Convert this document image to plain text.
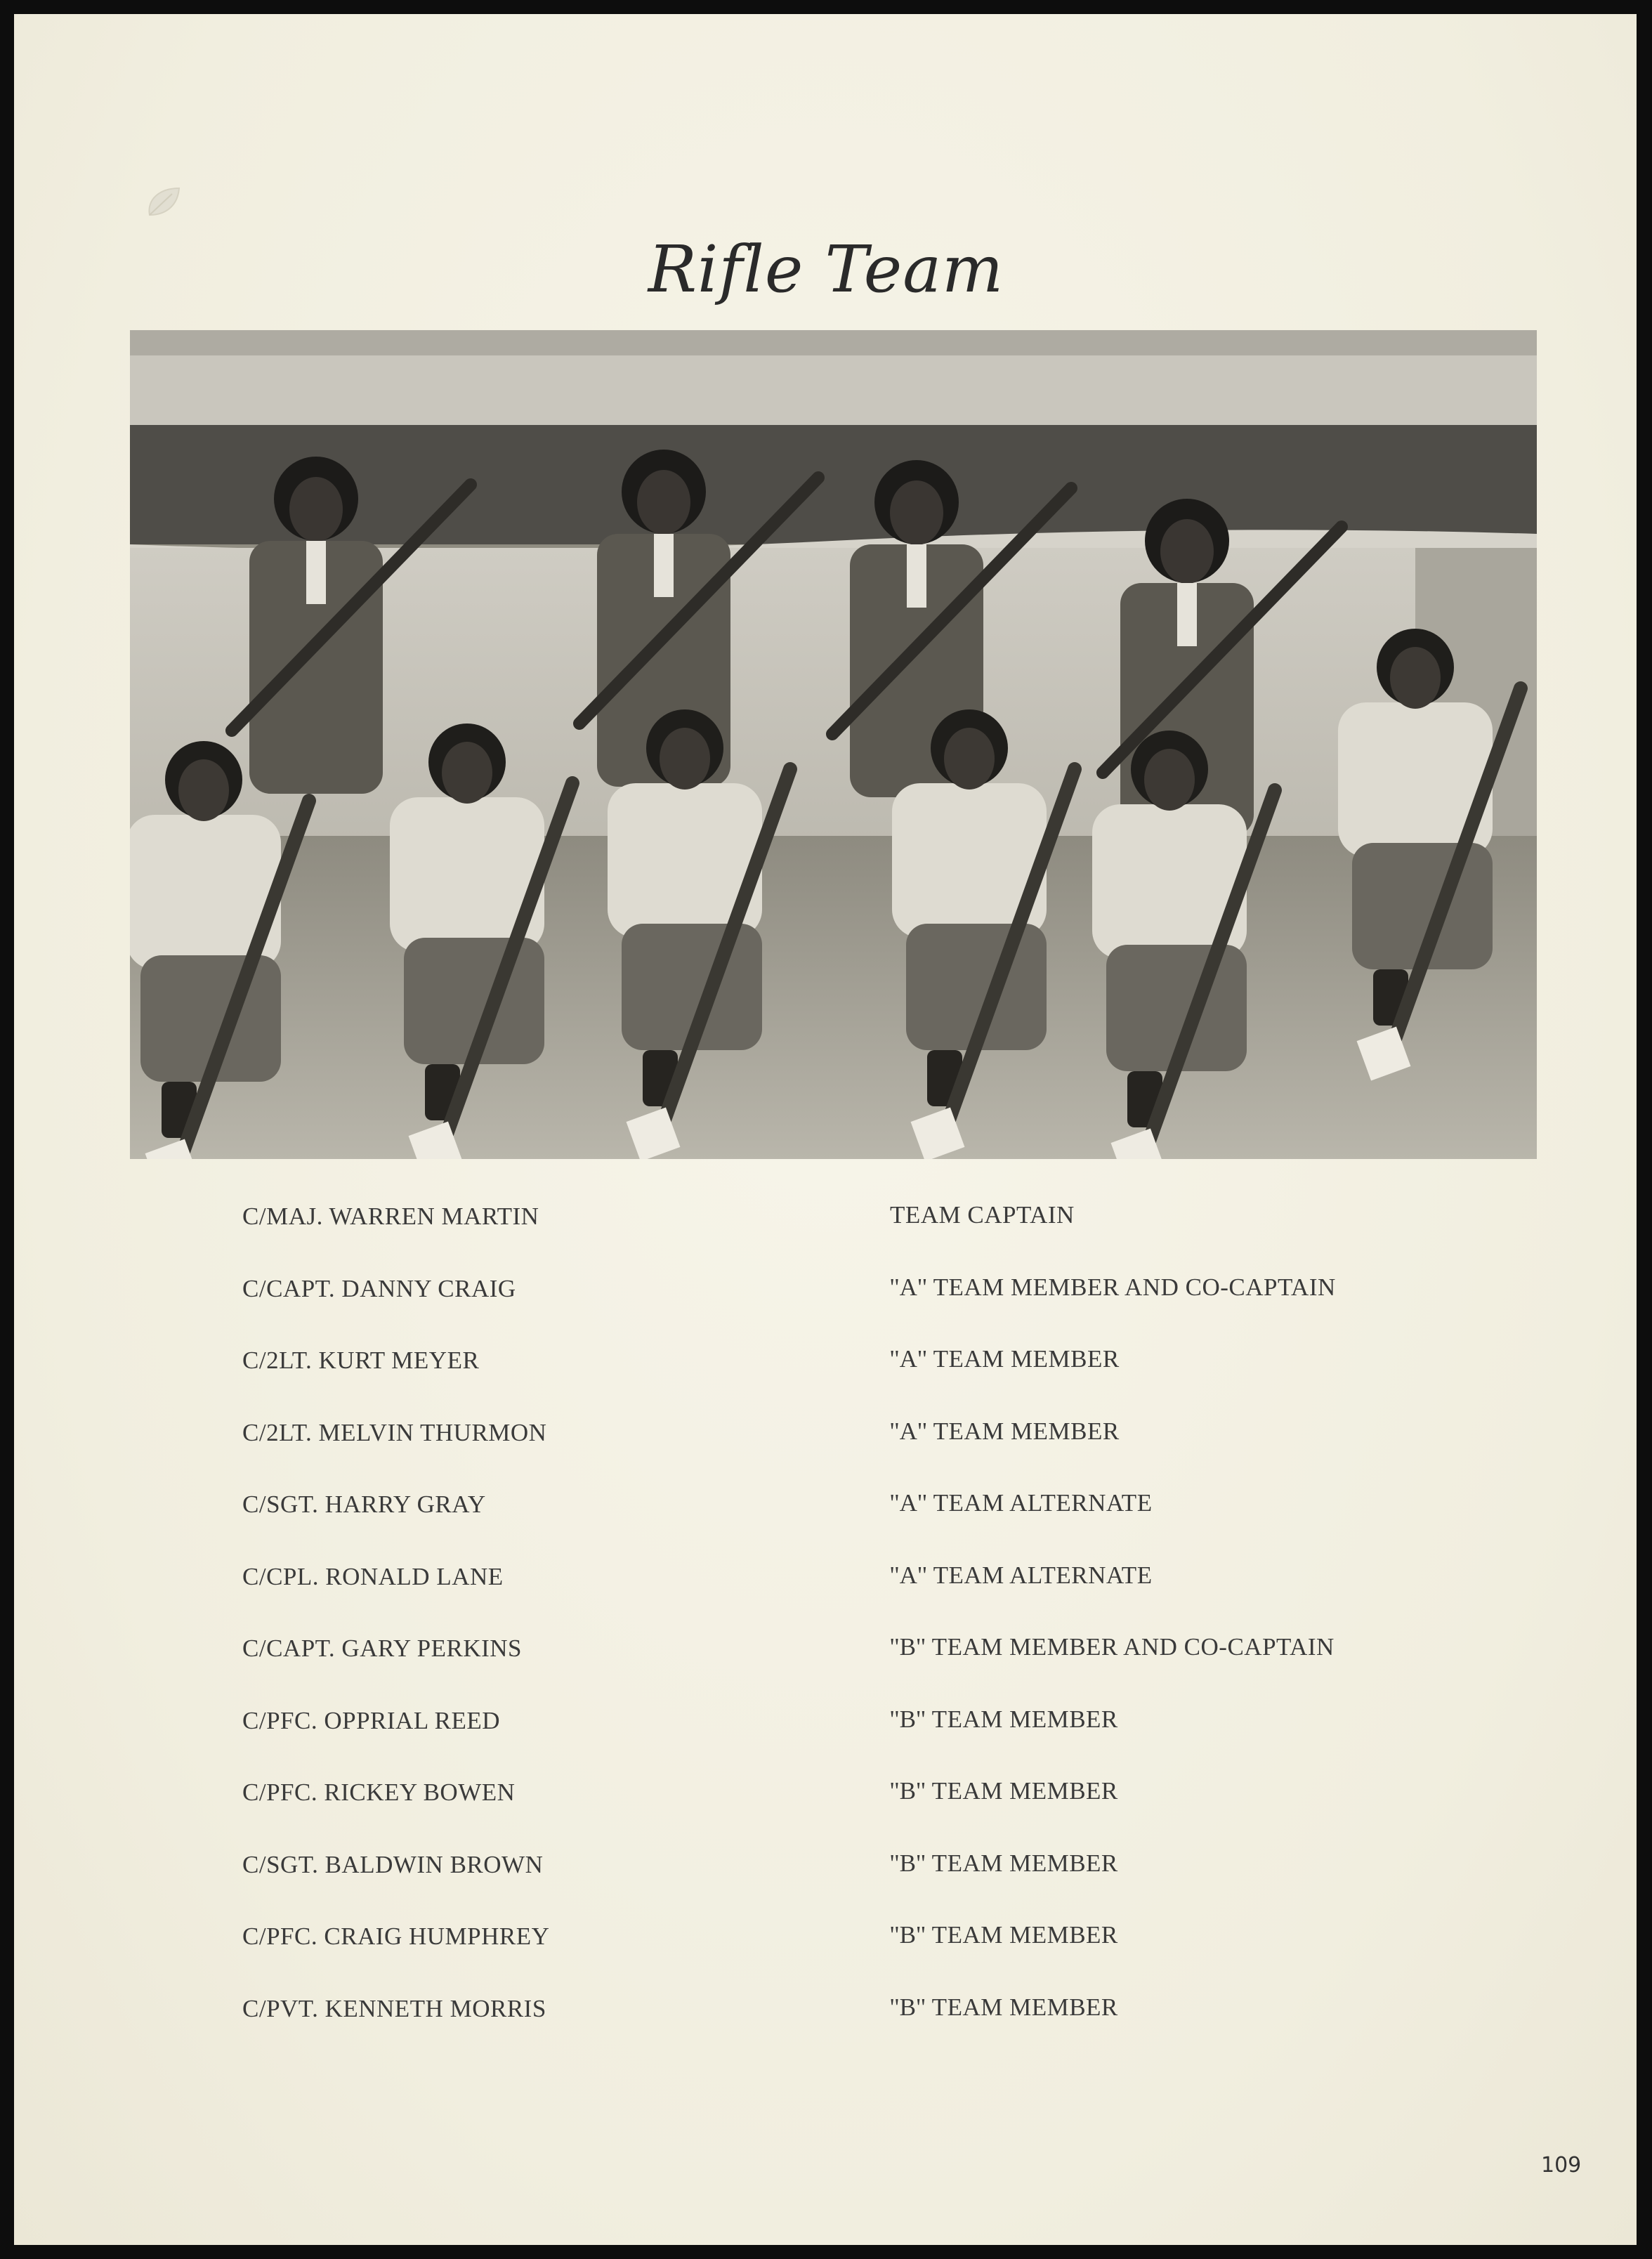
Rifle Team
C/MAJ. WARREN MARTIN	TEAM CAPTAIN
C/CAPT. DANNY CRAIG	''A'' TEAM MEMBER AND CO-CAPTAIN
C/2LT. KURT MEYER	''A'' TEAM MEMBER
C/2LT. MELVIN THURMON	''A'' TEAM MEMBER
C/SGT. HARRY GRAY	''A'' TEAM ALTERNATE
C/CPL. RONALD LANE	''A'' TEAM ALTERNATE
C/CAPT. GARY PERKINS	''B'' TEAM MEMBER AND CO-CAPTAIN
C/PFC. OPPRIAL REED	''B'' TEAM MEMBER
C/PFC. RICKEY BOWEN	''B'' TEAM MEMBER
C/SGT. BALDWIN BROWN	''B'' TEAM MEMBER
C/PFC. CRAIG HUMPHREY	''B'' TEAM MEMBER
C/PVT. KENNETH MORRIS	''B'' TEAM MEMBER
109
